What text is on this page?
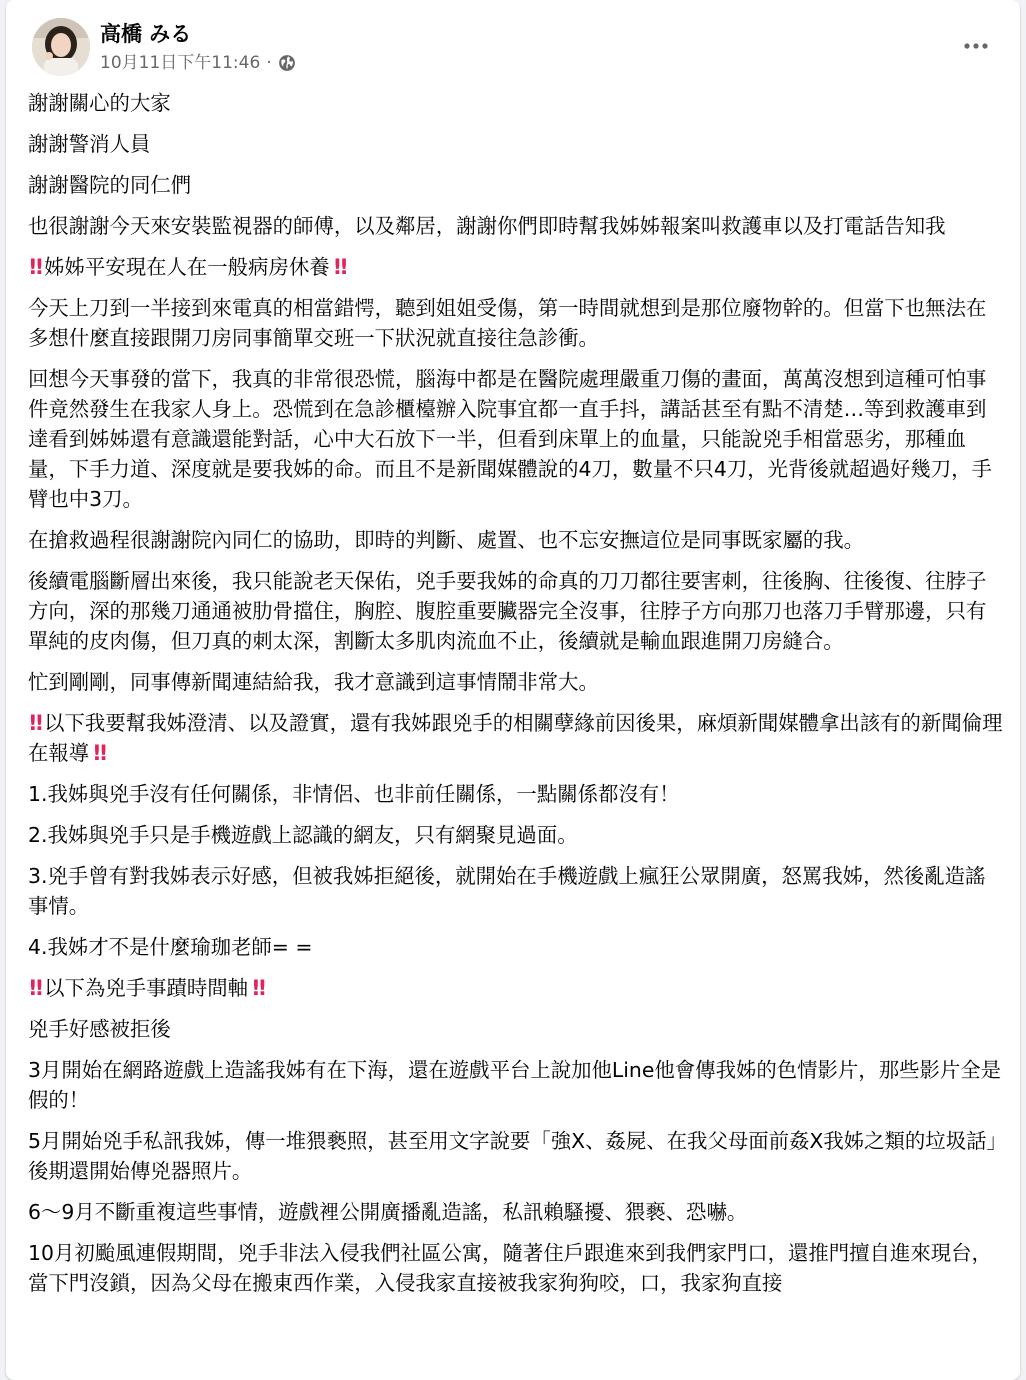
高橋 みる
10月11日下午11:46 ·

謝謝關心的大家

謝謝警消人員

謝謝醫院的同仁們

也很謝謝今天來安裝監視器的師傅，以及鄰居，謝謝你們即時幫我姊姊報案叫救護車以及打電話告知我

!! 姊姊平安現在人在一般病房休養 !!

今天上刀到一半接到來電真的相當錯愕，聽到姐姐受傷，第一時間就想到是那位廢物幹的。但當下也無法在多想什麼直接跟開刀房同事簡單交班一下狀況就直接往急診衝。

回想今天事發的當下，我真的非常很恐慌，腦海中都是在醫院處理嚴重刀傷的畫面，萬萬沒想到這種可怕事件竟然發生在我家人身上。恐慌到在急診櫃檯辦入院事宜都一直手抖，講話甚至有點不清楚…等到救護車到達看到姊姊還有意識還能對話，心中大石放下一半，但看到床單上的血量，只能說兇手相當惡劣，那種血量，下手力道、深度就是要我姊的命。而且不是新聞媒體說的4刀，數量不只4刀，光背後就超過好幾刀，手臂也中3刀。

在搶救過程很謝謝院內同仁的協助，即時的判斷、處置、也不忘安撫這位是同事既家屬的我。

後續電腦斷層出來後，我只能說老天保佑，兇手要我姊的命真的刀刀都往要害刺，往後胸、往後復、往脖子方向，深的那幾刀通通被肋骨擋住，胸腔、腹腔重要臟器完全沒事，往脖子方向那刀也落刀手臂那邊，只有單純的皮肉傷，但刀真的刺太深，割斷太多肌肉流血不止，後續就是輸血跟進開刀房縫合。

忙到剛剛，同事傳新聞連結給我，我才意識到這事情鬧非常大。

!! 以下我要幫我姊澄清、以及證實，還有我姊跟兇手的相關孽緣前因後果，麻煩新聞媒體拿出該有的新聞倫理在報導 !!

1.我姊與兇手沒有任何關係，非情侶、也非前任關係，一點關係都沒有！

2.我姊與兇手只是手機遊戲上認識的網友，只有網聚見過面。

3.兇手曾有對我姊表示好感，但被我姊拒絕後，就開始在手機遊戲上瘋狂公眾開廣，怒罵我姊，然後亂造謠事情。

4.我姊才不是什麼瑜珈老師= =

!! 以下為兇手事蹟時間軸 !!

兇手好感被拒後

3月開始在網路遊戲上造謠我姊有在下海，還在遊戲平台上說加他Line他會傳我姊的色情影片，那些影片全是假的！

5月開始兇手私訊我姊，傳一堆猥褻照，甚至用文字說要「強X、姦屍、在我父母面前姦X我姊之類的垃圾話」後期還開始傳兇器照片。

6～9月不斷重複這些事情，遊戲裡公開廣播亂造謠，私訊賴騷擾、猥褻、恐嚇。

10月初颱風連假期間，兇手非法入侵我們社區公寓，隨著住戶跟進來到我們家門口，還推門擅自進來現台，當下門沒鎖，因為父母在搬東西作業，入侵我家直接被我家狗狗咬，口，我家狗直接
